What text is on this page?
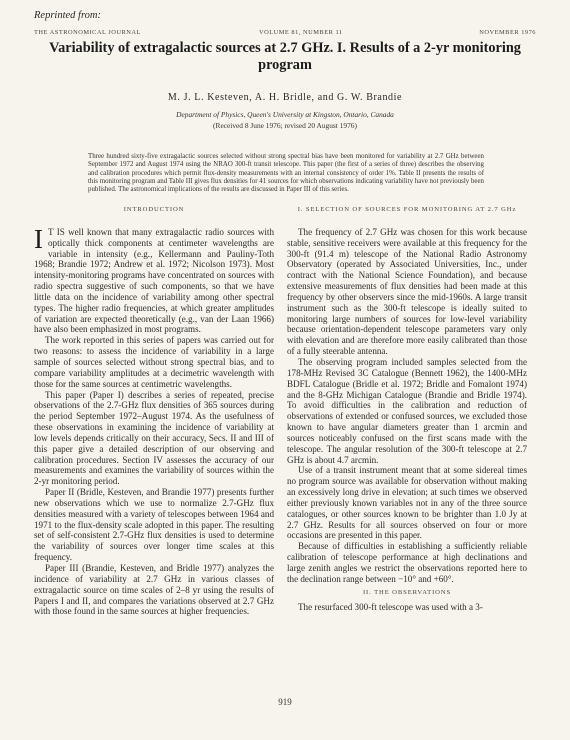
Reprinted from:
THE ASTRONOMICAL JOURNAL	VOLUME 81, NUMBER 11	NOVEMBER 1976
Variability of extragalactic sources at 2.7 GHz. I. Results of a 2-yr monitoring program
M. J. L. Kesteven, A. H. Bridle, and G. W. Brandie
Department of Physics, Queen's University at Kingston, Ontario, Canada
(Received 8 June 1976; revised 20 August 1976)
Three hundred sixty-five extragalactic sources selected without strong spectral bias have been monitored for variability at 2.7 GHz between September 1972 and August 1974 using the NRAO 300-ft transit telescope. This paper (the first of a series of three) describes the observing and calibration procedures which permit flux-density measurements with an internal consistency of order 1%. Table II presents the results of this monitoring program and Table III gives flux densities for 41 sources for which observations indicating variability have not previously been published. The astronomical implications of the results are discussed in Paper III of this series.
INTRODUCTION

I T IS well known that many extragalactic radio sources with optically thick components at centimeter wavelengths are variable in intensity (e.g., Kellermann and Pauliny-Toth 1968; Brandie 1972; Andrew et al. 1972; Nicolson 1973). Most intensity-monitoring programs have concentrated on sources with radio spectra suggestive of such components, so that we have little data on the incidence of variability among other spectral types. The higher radio frequencies, at which greater amplitudes of variation are expected theoretically (e.g., van der Laan 1966) have also been emphasized in most programs.

The work reported in this series of papers was carried out for two reasons: to assess the incidence of variability in a large sample of sources selected without strong spectral bias, and to compare variability amplitudes at a decimetric wavelength with those for the same sources at centimetric wavelengths.

This paper (Paper I) describes a series of repeated, precise observations of the 2.7-GHz flux densities of 365 sources during the period September 1972–August 1974. As the usefulness of these observations in examining the incidence of variability at low levels depends critically on their accuracy, Secs. II and III of this paper give a detailed description of our observing and calibration procedures. Section IV assesses the accuracy of our measurements and examines the variability of sources within the 2-yr monitoring period.

Paper II (Bridle, Kesteven, and Brandie 1977) presents further new observations which we use to normalize 2.7-GHz flux densities measured with a variety of telescopes between 1964 and 1971 to the flux-density scale adopted in this paper. The resulting set of self-consistent 2.7-GHz flux densities is used to determine the variability of sources over longer time scales at this frequency.

Paper III (Brandie, Kesteven, and Bridle 1977) analyzes the incidence of variability at 2.7 GHz in various classes of extragalactic source on time scales of 2–8 yr using the results of Papers I and II, and compares the variations observed at 2.7 GHz with those found in the same sources at higher frequencies.

I. SELECTION OF SOURCES FOR MONITORING AT 2.7 GHz

The frequency of 2.7 GHz was chosen for this work because stable, sensitive receivers were available at this frequency for the 300-ft (91.4 m) telescope of the National Radio Astronomy Observatory (operated by Associated Universities, Inc., under contract with the National Science Foundation), and because extensive measurements of flux densities had been made at this frequency by other observers since the mid-1960s. A large transit instrument such as the 300-ft telescope is ideally suited to monitoring large numbers of sources for low-level variability because orientation-dependent telescope parameters vary only with elevation and are therefore more easily calibrated than those of a fully steerable antenna.

The observing program included samples selected from the 178-MHz Revised 3C Catalogue (Bennett 1962), the 1400-MHz BDFL Catalogue (Bridle et al. 1972; Bridle and Fomalont 1974) and the 8-GHz Michigan Catalogue (Brandie and Bridle 1974). To avoid difficulties in the calibration and reduction of observations of extended or confused sources, we excluded those known to have angular diameters greater than 1 arcmin and sources noticeably confused on the first scans made with the telescope. The angular resolution of the 300-ft telescope at 2.7 GHz is about 4.7 arcmin.

Use of a transit instrument meant that at some sidereal times no program source was available for observation without making an excessively long drive in elevation; at such times we observed either previously known variables not in any of the three source catalogues, or other sources known to be brighter than 1.0 Jy at 2.7 GHz. Results for all sources observed on four or more occasions are presented in this paper.

Because of difficulties in establishing a sufficiently reliable calibration of telescope performance at high declinations and large zenith angles we restrict the observations reported here to the declination range between −10° and +60°.

II. THE OBSERVATIONS

The resurfaced 300-ft telescope was used with a 3-

919
